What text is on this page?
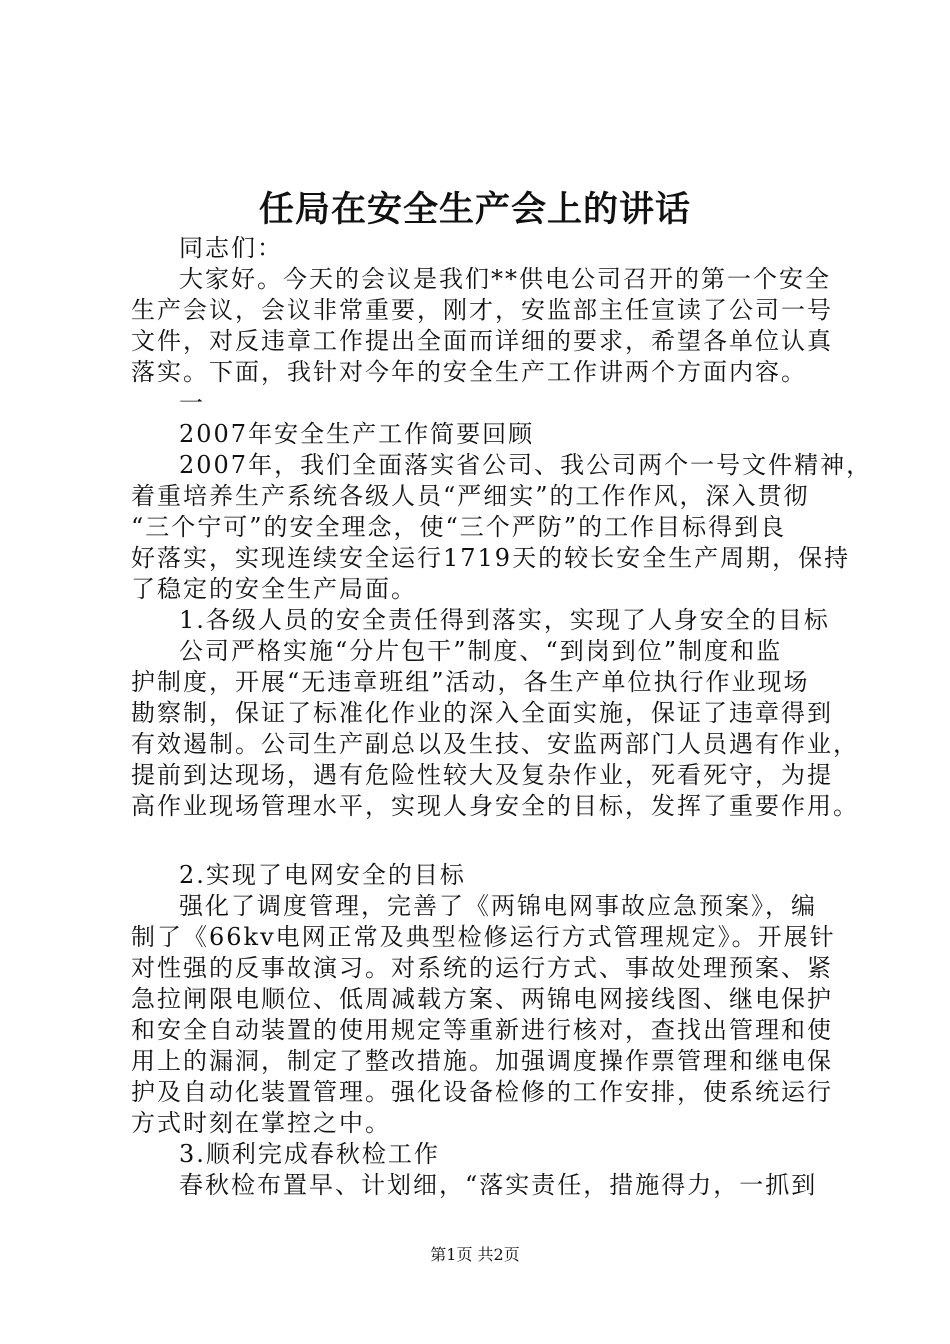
任局在安全生产会上的讲话
同志们：
大家好。今天的会议是我们**供电公司召开的第一个安全
生产会议，会议非常重要，刚才，安监部主任宣读了公司一号
文件，对反违章工作提出全面而详细的要求，希望各单位认真
落实。下面，我针对今年的安全生产工作讲两个方面内容。
一
2007年安全生产工作简要回顾
2007年，我们全面落实省公司、我公司两个一号文件精神，
着重培养生产系统各级人员“严细实”的工作作风，深入贯彻
“三个宁可”的安全理念，使“三个严防”的工作目标得到良
好落实，实现连续安全运行1719天的较长安全生产周期，保持
了稳定的安全生产局面。
1.各级人员的安全责任得到落实，实现了人身安全的目标
公司严格实施“分片包干”制度、“到岗到位”制度和监
护制度，开展“无违章班组”活动，各生产单位执行作业现场
勘察制，保证了标准化作业的深入全面实施，保证了违章得到
有效遏制。公司生产副总以及生技、安监两部门人员遇有作业，
提前到达现场，遇有危险性较大及复杂作业，死看死守，为提
高作业现场管理水平，实现人身安全的目标，发挥了重要作用。
2.实现了电网安全的目标
强化了调度管理，完善了《两锦电网事故应急预案》，编
制了《66kv电网正常及典型检修运行方式管理规定》。开展针
对性强的反事故演习。对系统的运行方式、事故处理预案、紧
急拉闸限电顺位、低周减载方案、两锦电网接线图、继电保护
和安全自动装置的使用规定等重新进行核对，查找出管理和使
用上的漏洞，制定了整改措施。加强调度操作票管理和继电保
护及自动化装置管理。强化设备检修的工作安排，使系统运行
方式时刻在掌控之中。
3.顺利完成春秋检工作
春秋检布置早、计划细，“落实责任，措施得力，一抓到
第1页 共2页
